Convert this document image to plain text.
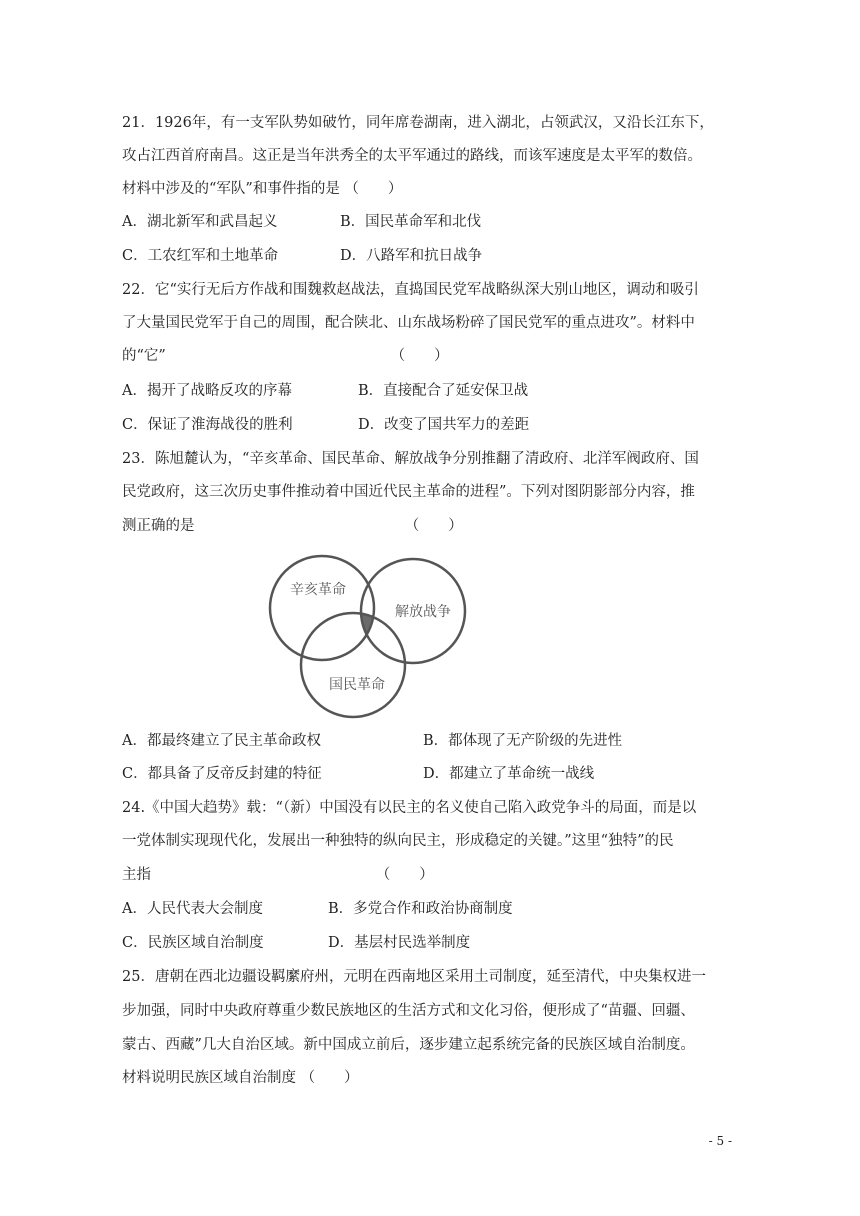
21．1926年，有一支军队势如破竹，同年席卷湖南，进入湖北，占领武汉，又沿长江东下，
攻占江西首府南昌。这正是当年洪秀全的太平军通过的路线，而该军速度是太平军的数倍。
材料中涉及的“军队”和事件指的是 （　　）
A．湖北新军和武昌起义	B．国民革命军和北伐
C．工农红军和土地革命	D．八路军和抗日战争
22．它“实行无后方作战和围魏救赵战法，直捣国民党军战略纵深大别山地区，调动和吸引
了大量国民党军于自己的周围，配合陕北、山东战场粉碎了国民党军的重点进攻”。材料中
的“它”　　　　　　　　　　　　　　　　（　　）
A．揭开了战略反攻的序幕	B．直接配合了延安保卫战
C．保证了淮海战役的胜利	D．改变了国共军力的差距
23．陈旭麓认为，“辛亥革命、国民革命、解放战争分别推翻了清政府、北洋军阀政府、国
民党政府，这三次历史事件推动着中国近代民主革命的进程”。下列对图阴影部分内容，推
测正确的是　　　　　　　　　　　　　　　（　　）
辛亥革命
解放战争
国民革命
A．都最终建立了民主革命政权	B．都体现了无产阶级的先进性
C．都具备了反帝反封建的特征	D．都建立了革命统一战线
24.《中国大趋势》载：“（新）中国没有以民主的名义使自己陷入政党争斗的局面，而是以
一党体制实现现代化，发展出一种独特的纵向民主，形成稳定的关键。”这里“独特”的民
主指　　　　　　　　　　　　　　　　（　　）
A．人民代表大会制度	B．多党合作和政治协商制度
C．民族区域自治制度	D．基层村民选举制度
25．唐朝在西北边疆设羁縻府州，元明在西南地区采用土司制度，延至清代，中央集权进一
步加强，同时中央政府尊重少数民族地区的生活方式和文化习俗，便形成了“苗疆、回疆、
蒙古、西藏”几大自治区域。新中国成立前后，逐步建立起系统完备的民族区域自治制度。
材料说明民族区域自治制度 （　　）
- 5 -
